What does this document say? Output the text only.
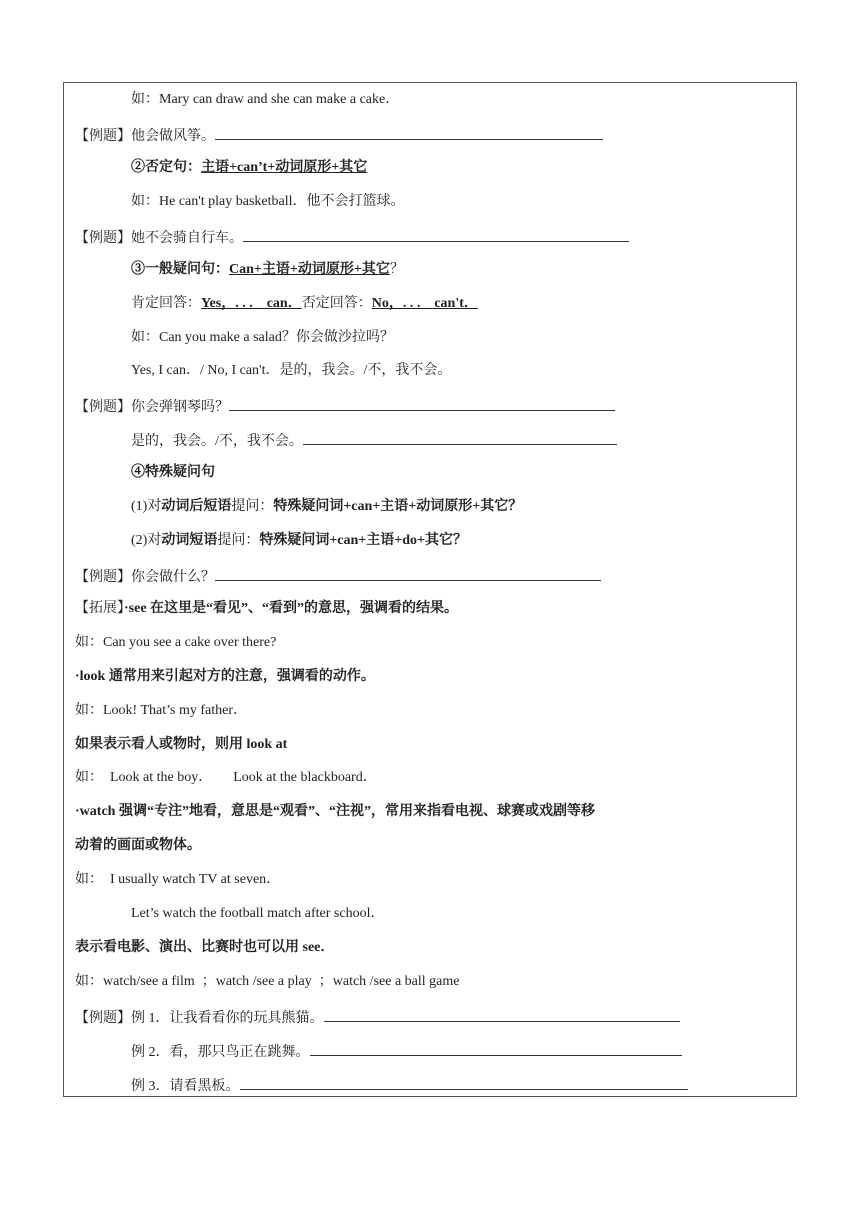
如：Mary can draw and she can make a cake．
【例题】他会做风筝。
②否定句：主语+can’t+动词原形+其它
如：He can't play basketball．他不会打篮球。
【例题】她不会骑自行车。
③一般疑问句：Can+主语+动词原形+其它？
肯定回答：Yes，. . .　can．否定回答：No，. . .　can't．
如：Can you make a salad？你会做沙拉吗？
Yes, I can．/ No, I can't．是的，我会。/不，我不会。
【例题】你会弹钢琴吗？
是的，我会。/不，我不会。
④特殊疑问句
(1)对动词后短语提问：特殊疑问词+can+主语+动词原形+其它？
(2)对动词短语提问：特殊疑问词+can+主语+do+其它？
【例题】你会做什么？
【拓展】·see 在这里是“看见”、“看到”的意思，强调看的结果。
如：Can you see a cake over there?
·look 通常用来引起对方的注意，强调看的动作。
如：Look! That’s my father．
如果表示看人或物时，则用 look at
如：  Look at the boy．      Look at the blackboard．
·watch 强调“专注”地看，意思是“观看”、“注视”，常用来指看电视、球赛或戏剧等移
动着的画面或物体。
如：  I usually watch TV at seven．
Let’s watch the football match after school．
表示看电影、演出、比赛时也可以用 see．
如：watch/see a film  ；watch /see a play  ；watch /see a ball game
【例题】例 1．让我看看你的玩具熊猫。
例 2．看，那只鸟正在跳舞。
例 3．请看黑板。
